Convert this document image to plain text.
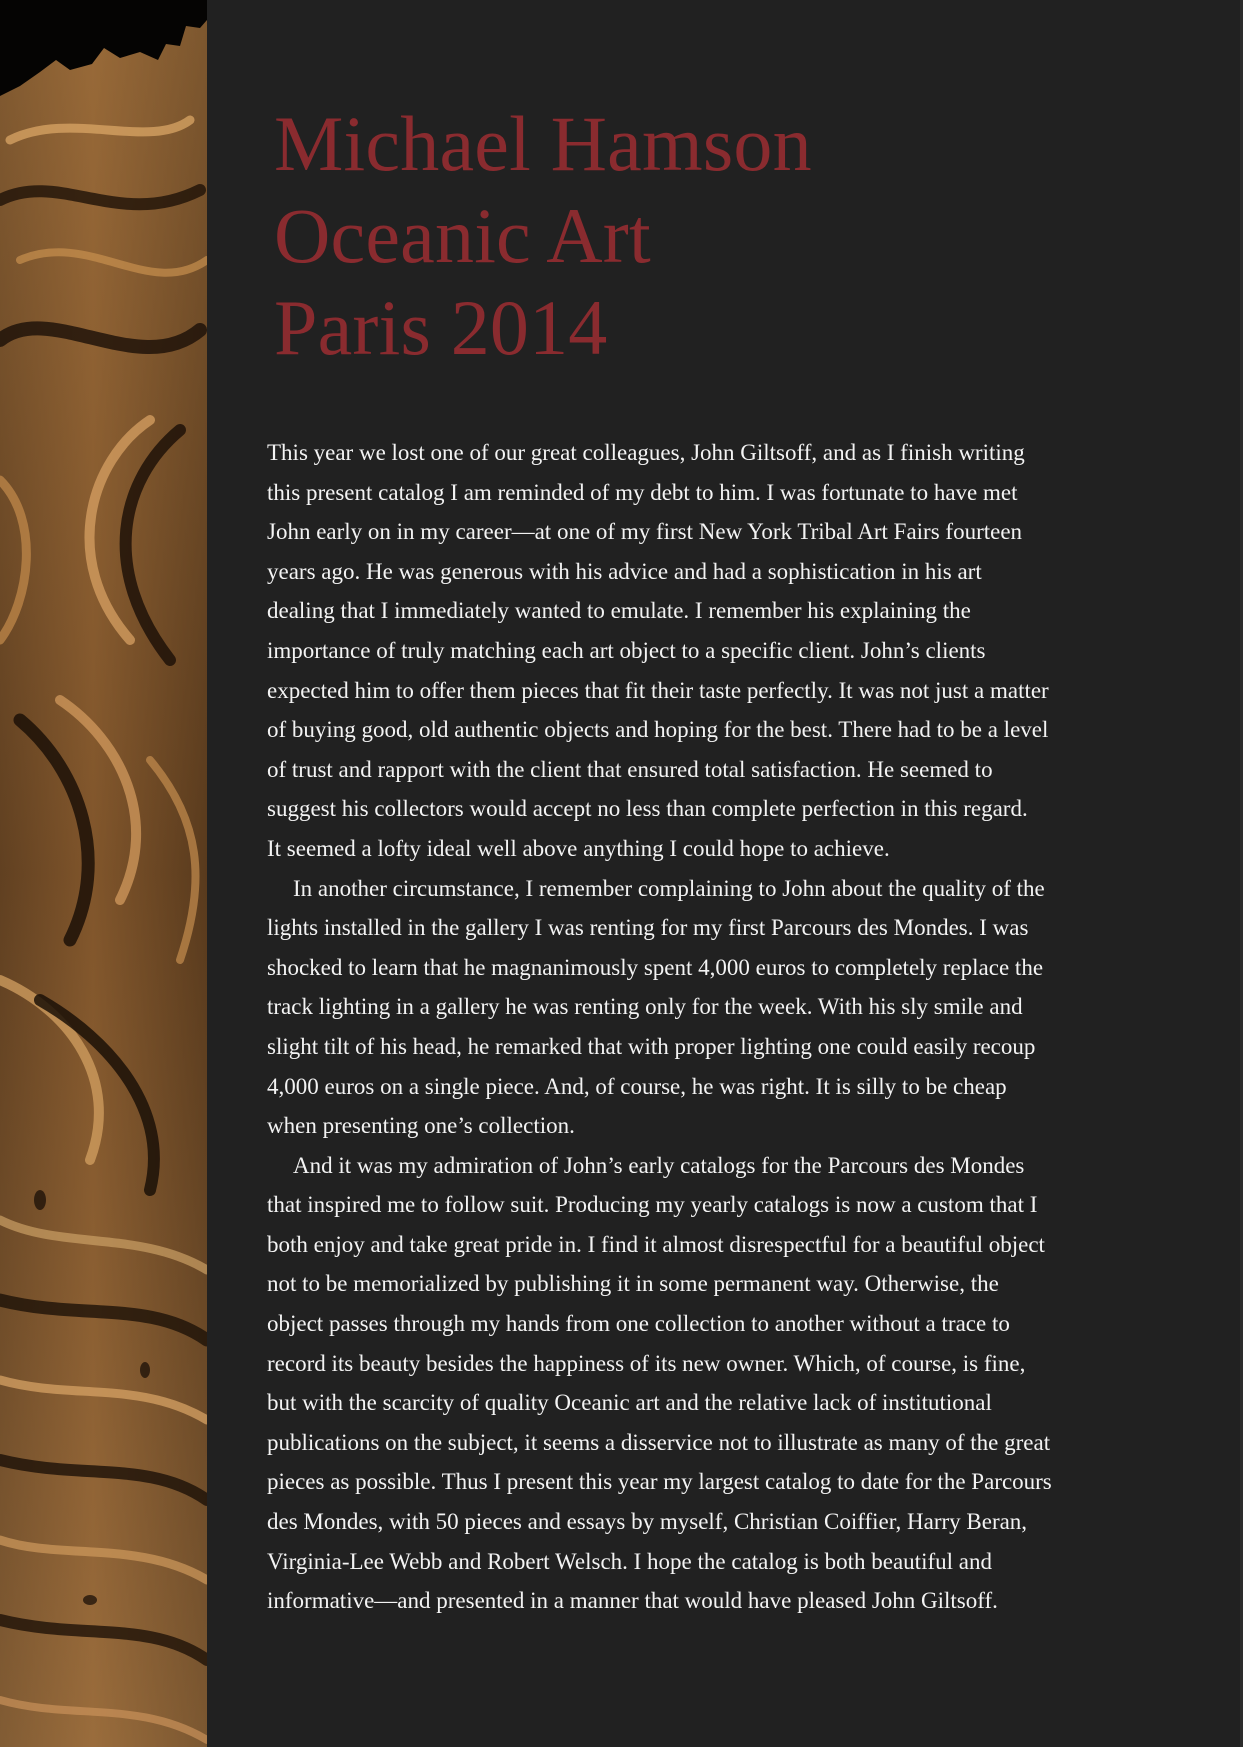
Michael Hamson
Oceanic Art
Paris 2014
This year we lost one of our great colleagues, John Giltsoff, and as I finish writing
this present catalog I am reminded of my debt to him. I was fortunate to have met
John early on in my career—at one of my first New York Tribal Art Fairs fourteen
years ago. He was generous with his advice and had a sophistication in his art
dealing that I immediately wanted to emulate. I remember his explaining the
importance of truly matching each art object to a specific client. John’s clients
expected him to offer them pieces that fit their taste perfectly. It was not just a matter
of buying good, old authentic objects and hoping for the best. There had to be a level
of trust and rapport with the client that ensured total satisfaction. He seemed to
suggest his collectors would accept no less than complete perfection in this regard.
It seemed a lofty ideal well above anything I could hope to achieve.
In another circumstance, I remember complaining to John about the quality of the
lights installed in the gallery I was renting for my first Parcours des Mondes. I was
shocked to learn that he magnanimously spent 4,000 euros to completely replace the
track lighting in a gallery he was renting only for the week. With his sly smile and
slight tilt of his head, he remarked that with proper lighting one could easily recoup
4,000 euros on a single piece. And, of course, he was right. It is silly to be cheap
when presenting one’s collection.
And it was my admiration of John’s early catalogs for the Parcours des Mondes
that inspired me to follow suit. Producing my yearly catalogs is now a custom that I
both enjoy and take great pride in. I find it almost disrespectful for a beautiful object
not to be memorialized by publishing it in some permanent way. Otherwise, the
object passes through my hands from one collection to another without a trace to
record its beauty besides the happiness of its new owner. Which, of course, is fine,
but with the scarcity of quality Oceanic art and the relative lack of institutional
publications on the subject, it seems a disservice not to illustrate as many of the great
pieces as possible. Thus I present this year my largest catalog to date for the Parcours
des Mondes, with 50 pieces and essays by myself, Christian Coiffier, Harry Beran,
Virginia-Lee Webb and Robert Welsch. I hope the catalog is both beautiful and
informative—and presented in a manner that would have pleased John Giltsoff.
